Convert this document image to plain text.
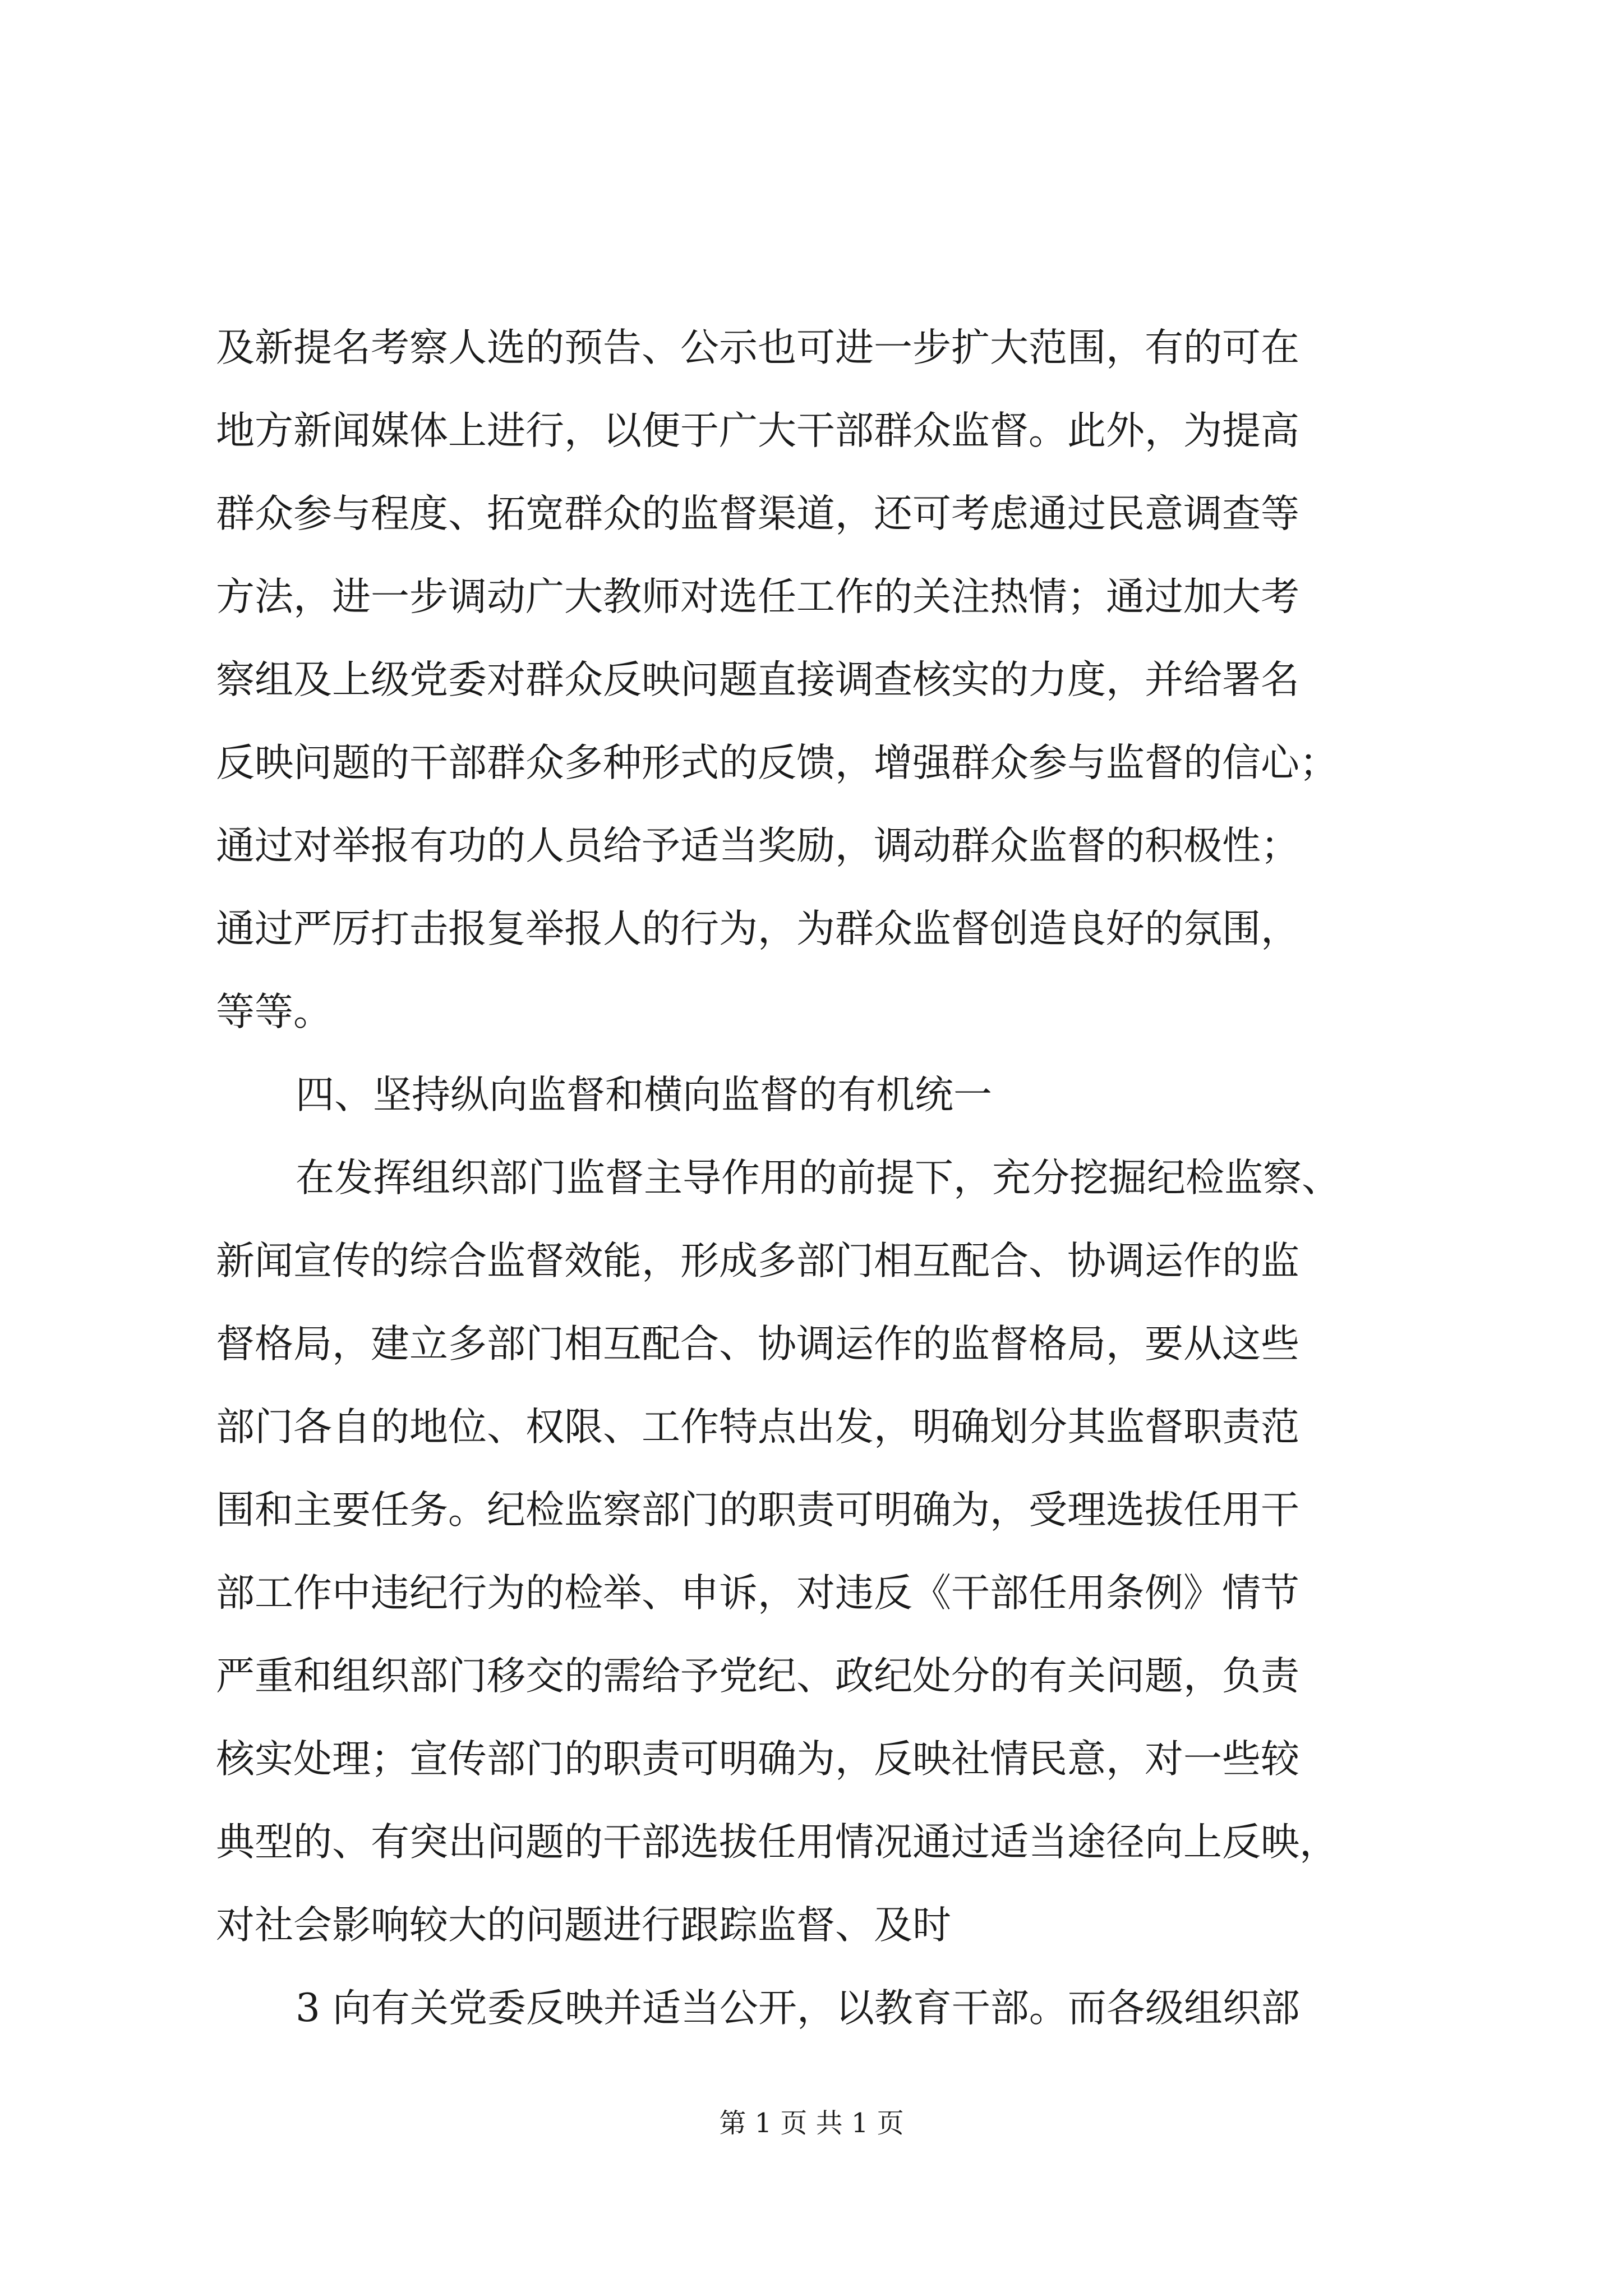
及新提名考察人选的预告、公示也可进一步扩大范围，有的可在
地方新闻媒体上进行，以便于广大干部群众监督。此外，为提高
群众参与程度、拓宽群众的监督渠道，还可考虑通过民意调查等
方法，进一步调动广大教师对选任工作的关注热情；通过加大考
察组及上级党委对群众反映问题直接调查核实的力度，并给署名
反映问题的干部群众多种形式的反馈，增强群众参与监督的信心；
通过对举报有功的人员给予适当奖励，调动群众监督的积极性；
通过严厉打击报复举报人的行为，为群众监督创造良好的氛围，
等等。
四、坚持纵向监督和横向监督的有机统一
在发挥组织部门监督主导作用的前提下，充分挖掘纪检监察、
新闻宣传的综合监督效能，形成多部门相互配合、协调运作的监
督格局，建立多部门相互配合、协调运作的监督格局，要从这些
部门各自的地位、权限、工作特点出发，明确划分其监督职责范
围和主要任务。纪检监察部门的职责可明确为，受理选拔任用干
部工作中违纪行为的检举、申诉，对违反《干部任用条例》情节
严重和组织部门移交的需给予党纪、政纪处分的有关问题，负责
核实处理；宣传部门的职责可明确为，反映社情民意，对一些较
典型的、有突出问题的干部选拔任用情况通过适当途径向上反映，
对社会影响较大的问题进行跟踪监督、及时
3 向有关党委反映并适当公开，以教育干部。而各级组织部
第 1 页 共 1 页
